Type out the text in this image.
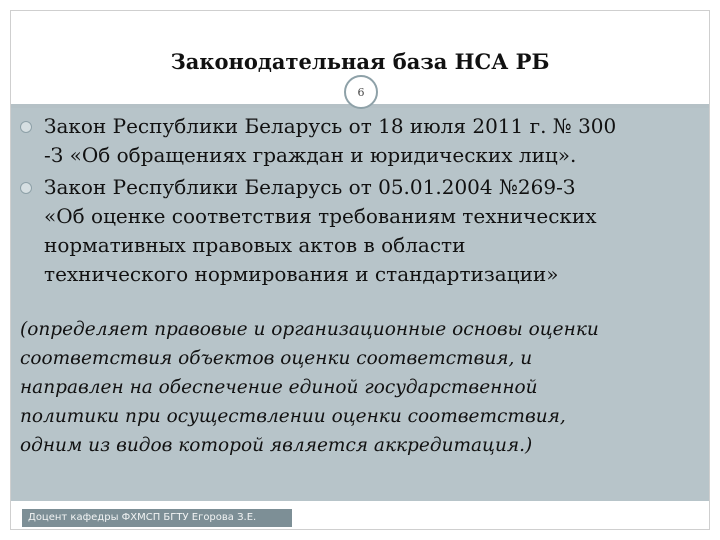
Законодательная база НСА РБ
6
Закон Республики Беларусь от 18 июля 2011 г. № 300
-З «Об обращениях граждан и юридических лиц».
Закон Республики Беларусь от 05.01.2004 №269-З
«Об оценке соответствия требованиям технических
нормативных правовых актов в области
технического нормирования и стандартизации»
(определяет правовые и организационные основы оценки
соответствия объектов оценки соответствия, и
направлен на обеспечение единой государственной
политики при осуществлении оценки соответствия,
одним из видов которой является аккредитация.)
Доцент кафедры ФХМСП БГТУ Егорова З.Е.
